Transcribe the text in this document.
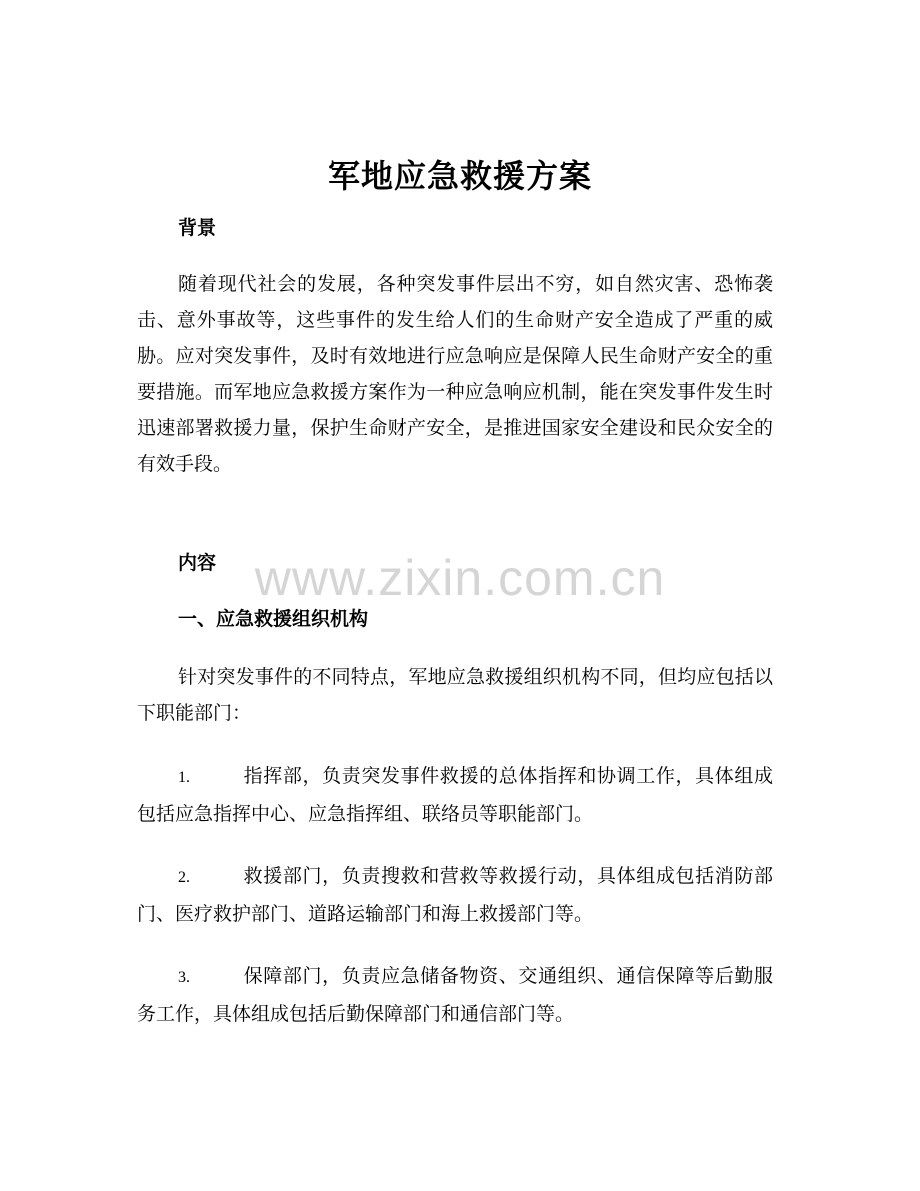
军地应急救援方案
背景

随着现代社会的发展，各种突发事件层出不穷，如自然灾害、恐怖袭击、意外事故等，这些事件的发生给人们的生命财产安全造成了严重的威胁。应对突发事件，及时有效地进行应急响应是保障人民生命财产安全的重要措施。而军地应急救援方案作为一种应急响应机制，能在突发事件发生时迅速部署救援力量，保护生命财产安全，是推进国家安全建设和民众安全的有效手段。

内容
一、应急救援组织机构

针对突发事件的不同特点，军地应急救援组织机构不同，但均应包括以下职能部门：

1.	指挥部，负责突发事件救援的总体指挥和协调工作，具体组成包括应急指挥中心、应急指挥组、联络员等职能部门。

2.	救援部门，负责搜救和营救等救援行动，具体组成包括消防部门、医疗救护部门、道路运输部门和海上救援部门等。

3.	保障部门，负责应急储备物资、交通组织、通信保障等后勤服务工作，具体组成包括后勤保障部门和通信部门等。

www.zixin.com.cn
